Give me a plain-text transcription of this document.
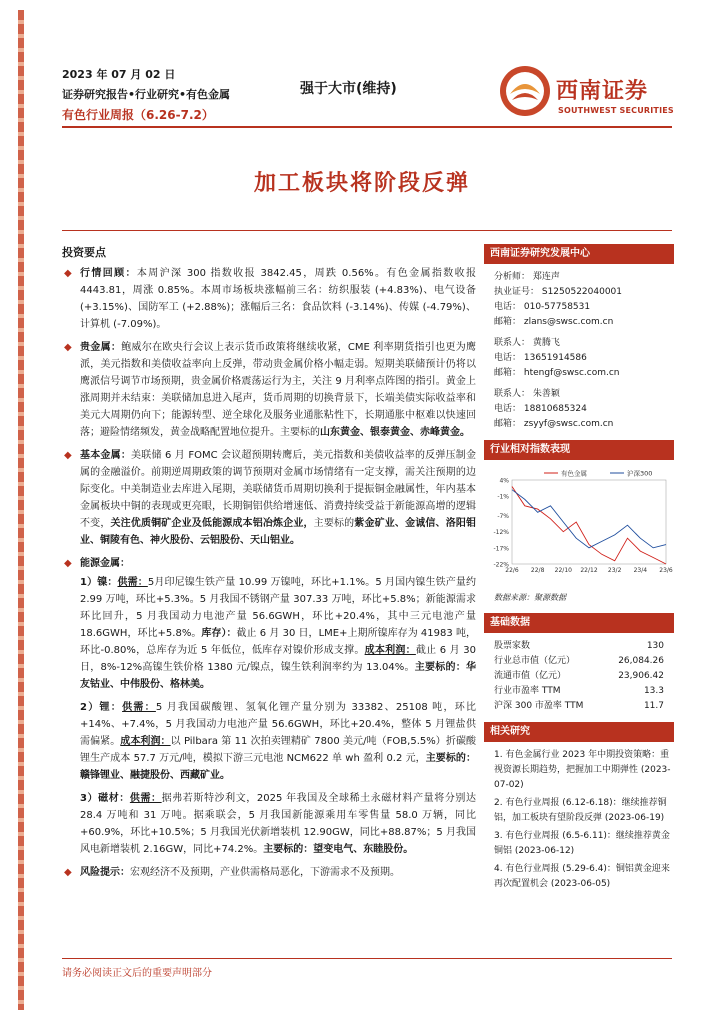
2023 年 07 月 02 日
证券研究报告•行业研究•有色金属
有色行业周报（6.26-7.2）
强于大市(维持)	西南证券
SOUTHWEST SECURITIES
加工板块将阶段反弹
投资要点
◆ 行情回顾：本周沪深 300 指数收报 3842.45，周跌 0.56%。有色金属指数收报 4443.81，周涨 0.85%。本周市场板块涨幅前三名：纺织服装 (+4.83%)、电气设备 (+3.15%)、国防军工 (+2.88%)；涨幅后三名：食品饮料 (-3.14%)、传媒 (-4.79%)、计算机 (-7.09%)。
◆ 贵金属：鲍威尔在欧央行会议上表示货币政策将继续收紧，CME 利率期货指引也更为鹰派，美元指数和美债收益率向上反弹，带动贵金属价格小幅走弱。短期美联储预计仍将以鹰派信号调节市场预期，贵金属价格震荡运行为主，关注 9 月利率点阵图的指引。黄金上涨周期并未结束：美联储加息进入尾声，货币周期的切换背景下，长端美债实际收益率和美元大周期仍向下；能源转型、逆全球化及服务业通胀粘性下，长期通胀中枢难以快速回落；避险情绪频发，黄金战略配置地位提升。主要标的山东黄金、银泰黄金、赤峰黄金。
◆ 基本金属：美联储 6 月 FOMC 会议超预期转鹰后，美元指数和美债收益率的反弹压制金属的金融溢价。前期逆周期政策的调节预期对金属市场情绪有一定支撑，需关注预期的边际变化。中美制造业去库进入尾期，美联储货币周期切换利于提振铜金融属性，年内基本金属板块中铜的表现或更亮眼，长期铜铝供给增速低、消费持续受益于新能源高增的逻辑不变，关注优质铜矿企业及低能源成本铝冶炼企业，主要标的紫金矿业、金诚信、洛阳钼业、铜陵有色、神火股份、云铝股份、天山铝业。
◆ 能源金属：
1）镍：供需：5月印尼镍生铁产量 10.99 万镍吨，环比+1.1%。5 月国内镍生铁产量约 2.99 万吨，环比+5.3%。5 月我国不锈钢产量 307.33 万吨，环比+5.8%；新能源需求环比回升，5 月我国动力电池产量 56.6GWH，环比+20.4%，其中三元电池产量 18.6GWH，环比+5.8%。库存）：截止 6 月 30 日，LME+上期所镍库存为 41983 吨，环比-0.80%，总库存为近 5 年低位，低库存对镍价形成支撑。成本利润：截止 6 月 30 日，8%-12%高镍生铁价格 1380 元/镍点，镍生铁利润率约为 13.04%。主要标的：华友钴业、中伟股份、格林美。
2）锂：供需：5 月我国碳酸锂、氢氧化锂产量分别为 33382、25108 吨，环比+14%、+7.4%，5 月我国动力电池产量 56.6GWH，环比+20.4%，整体 5 月锂盐供需偏紧。成本利润：以 Pilbara 第 11 次拍卖锂精矿 7800 美元/吨（FOB,5.5%）折碳酸锂生产成本 57.7 万元/吨，模拟下游三元电池 NCM622 单 wh 盈利 0.2 元，主要标的：赣锋锂业、融捷股份、西藏矿业。
3）磁材：供需：据弗若斯特沙利文，2025 年我国及全球稀土永磁材料产量将分别达 28.4 万吨和 31 万吨。据乘联会，5 月我国新能源乘用车零售量 58.0 万辆，同比+60.9%，环比+10.5%；5 月我国光伏新增装机 12.90GW，同比+88.87%；5 月我国风电新增装机 2.16GW，同比+74.2%。主要标的：望变电气、东睦股份。
◆ 风险提示：宏观经济不及预期，产业供需格局恶化，下游需求不及预期。
西南证券研究发展中心
分析师： 郑连声
执业证号： S1250522040001
电话： 010-57758531
邮箱： zlans@swsc.com.cn
联系人： 黄腾飞
电话： 13651914586
邮箱： htengf@swsc.com.cn
联系人： 朱善颖
电话： 18810685324
邮箱： zsyyf@swsc.com.cn
行业相对指数表现
4%
-1%
-7%
-12%
-17%
-22%
22/6 22/8 22/10 22/12 23/2 23/4 23/6
有色金属	沪深300
数据来源：聚源数据
基础数据
股票家数	130
行业总市值（亿元）	26,084.26
流通市值（亿元）	23,906.42
行业市盈率 TTM	13.3
沪深 300 市盈率 TTM	11.7
相关研究
1. 有色金属行业 2023 年中期投资策略：重视资源长期趋势，把握加工中期弹性 (2023-07-02)
2. 有色行业周报 (6.12-6.18)：继续推荐铜铝，加工板块有望阶段反弹 (2023-06-19)
3. 有色行业周报 (6.5-6.11)：继续推荐黄金铜铝 (2023-06-12)
4. 有色行业周报 (5.29-6.4)：铜铝黄金迎来再次配置机会 (2023-06-05)
请务必阅读正文后的重要声明部分
